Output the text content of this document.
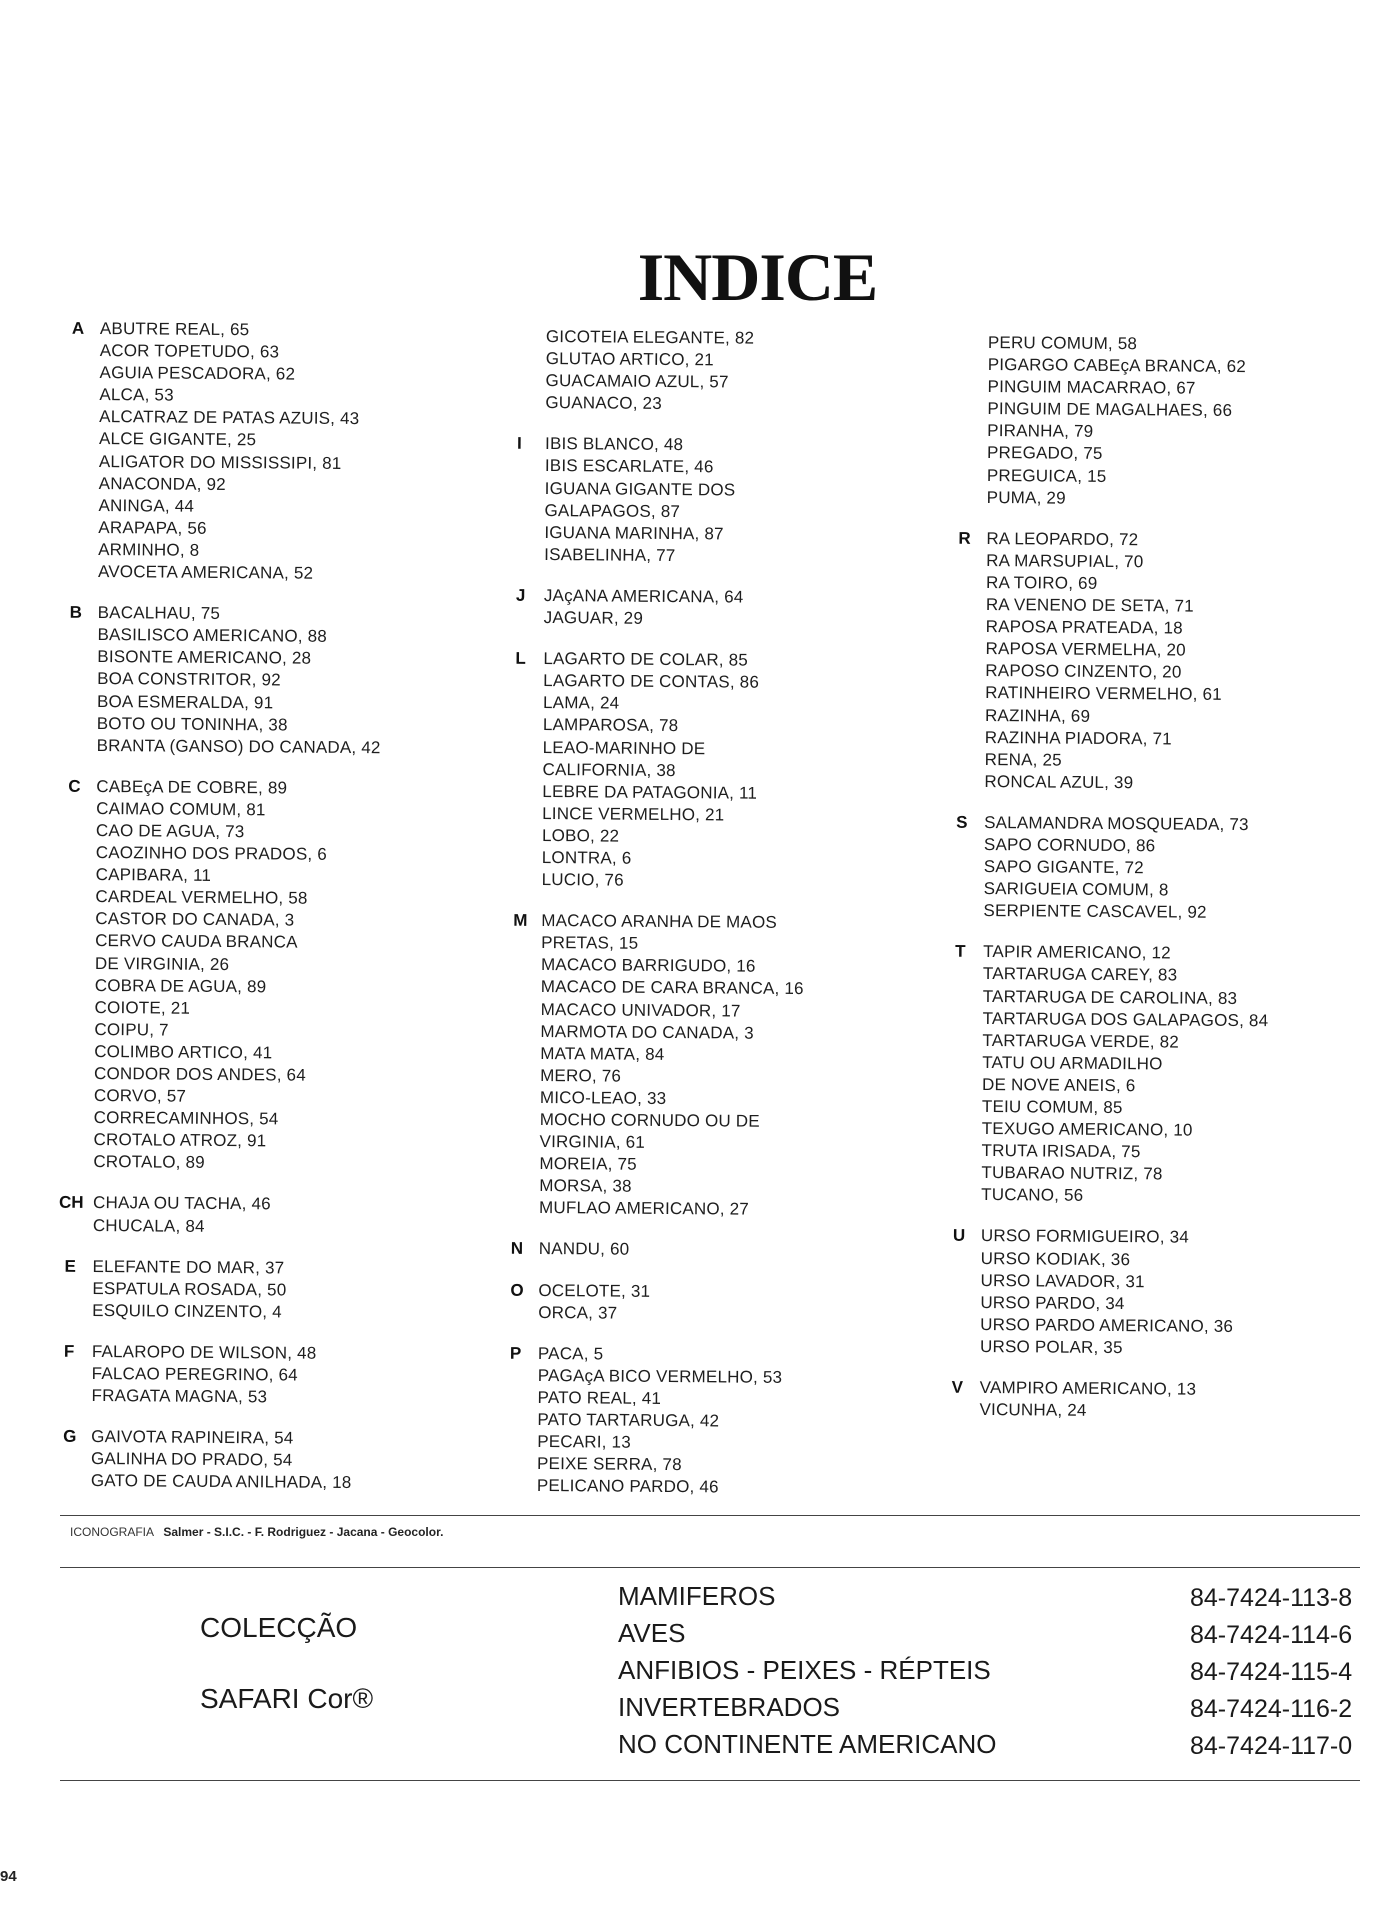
INDICE
A ABUTRE REAL, 65
ACOR TOPETUDO, 63
AGUIA PESCADORA, 62
ALCA, 53
ALCATRAZ DE PATAS AZUIS, 43
ALCE GIGANTE, 25
ALIGATOR DO MISSISSIPI, 81
ANACONDA, 92
ANINGA, 44
ARAPAPA, 56
ARMINHO, 8
AVOCETA AMERICANA, 52
B BACALHAU, 75
BASILISCO AMERICANO, 88
BISONTE AMERICANO, 28
BOA CONSTRITOR, 92
BOA ESMERALDA, 91
BOTO OU TONINHA, 38
BRANTA (GANSO) DO CANADA, 42
C CABEçA DE COBRE, 89
CAIMAO COMUM, 81
CAO DE AGUA, 73
CAOZINHO DOS PRADOS, 6
CAPIBARA, 11
CARDEAL VERMELHO, 58
CASTOR DO CANADA, 3
CERVO CAUDA BRANCA
DE VIRGINIA, 26
COBRA DE AGUA, 89
COIOTE, 21
COIPU, 7
COLIMBO ARTICO, 41
CONDOR DOS ANDES, 64
CORVO, 57
CORRECAMINHOS, 54
CROTALO ATROZ, 91
CROTALO, 89
CH CHAJA OU TACHA, 46
CHUCALA, 84
E ELEFANTE DO MAR, 37
ESPATULA ROSADA, 50
ESQUILO CINZENTO, 4
F FALAROPO DE WILSON, 48
FALCAO PEREGRINO, 64
FRAGATA MAGNA, 53
G GAIVOTA RAPINEIRA, 54
GALINHA DO PRADO, 54
GATO DE CAUDA ANILHADA, 18
GICOTEIA ELEGANTE, 82
GLUTAO ARTICO, 21
GUACAMAIO AZUL, 57
GUANACO, 23
I IBIS BLANCO, 48
IBIS ESCARLATE, 46
IGUANA GIGANTE DOS
GALAPAGOS, 87
IGUANA MARINHA, 87
ISABELINHA, 77
J JAçANA AMERICANA, 64
JAGUAR, 29
L LAGARTO DE COLAR, 85
LAGARTO DE CONTAS, 86
LAMA, 24
LAMPAROSA, 78
LEAO-MARINHO DE
CALIFORNIA, 38
LEBRE DA PATAGONIA, 11
LINCE VERMELHO, 21
LOBO, 22
LONTRA, 6
LUCIO, 76
M MACACO ARANHA DE MAOS
PRETAS, 15
MACACO BARRIGUDO, 16
MACACO DE CARA BRANCA, 16
MACACO UNIVADOR, 17
MARMOTA DO CANADA, 3
MATA MATA, 84
MERO, 76
MICO-LEAO, 33
MOCHO CORNUDO OU DE
VIRGINIA, 61
MOREIA, 75
MORSA, 38
MUFLAO AMERICANO, 27
N NANDU, 60
O OCELOTE, 31
ORCA, 37
P PACA, 5
PAGAçA BICO VERMELHO, 53
PATO REAL, 41
PATO TARTARUGA, 42
PECARI, 13
PEIXE SERRA, 78
PELICANO PARDO, 46
PERU COMUM, 58
PIGARGO CABEçA BRANCA, 62
PINGUIM MACARRAO, 67
PINGUIM DE MAGALHAES, 66
PIRANHA, 79
PREGADO, 75
PREGUICA, 15
PUMA, 29
R RA LEOPARDO, 72
RA MARSUPIAL, 70
RA TOIRO, 69
RA VENENO DE SETA, 71
RAPOSA PRATEADA, 18
RAPOSA VERMELHA, 20
RAPOSO CINZENTO, 20
RATINHEIRO VERMELHO, 61
RAZINHA, 69
RAZINHA PIADORA, 71
RENA, 25
RONCAL AZUL, 39
S SALAMANDRA MOSQUEADA, 73
SAPO CORNUDO, 86
SAPO GIGANTE, 72
SARIGUEIA COMUM, 8
SERPIENTE CASCAVEL, 92
T TAPIR AMERICANO, 12
TARTARUGA CAREY, 83
TARTARUGA DE CAROLINA, 83
TARTARUGA DOS GALAPAGOS, 84
TARTARUGA VERDE, 82
TATU OU ARMADILHO
DE NOVE ANEIS, 6
TEIU COMUM, 85
TEXUGO AMERICANO, 10
TRUTA IRISADA, 75
TUBARAO NUTRIZ, 78
TUCANO, 56
U URSO FORMIGUEIRO, 34
URSO KODIAK, 36
URSO LAVADOR, 31
URSO PARDO, 34
URSO PARDO AMERICANO, 36
URSO POLAR, 35
V VAMPIRO AMERICANO, 13
VICUNHA, 24
ICONOGRAFIA Salmer - S.I.C. - F. Rodriguez - Jacana - Geocolor.
COLECÇÃO
SAFARI Cor®
MAMIFEROS
AVES
ANFIBIOS - PEIXES - RÉPTEIS
INVERTEBRADOS
NO CONTINENTE AMERICANO
84-7424-113-8
84-7424-114-6
84-7424-115-4
84-7424-116-2
84-7424-117-0
94
